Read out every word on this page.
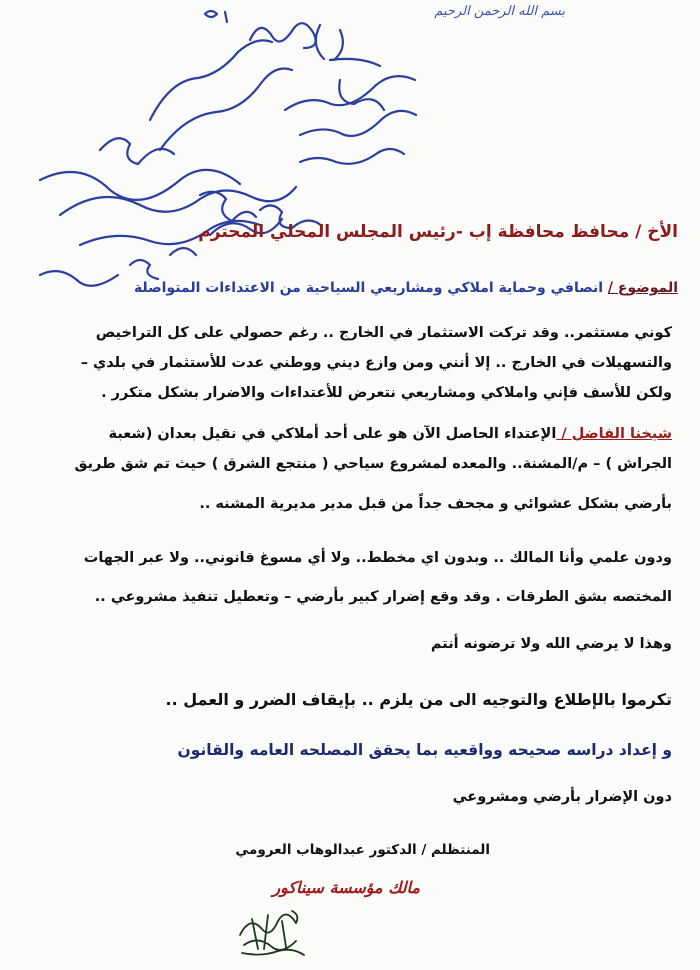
بسم الله الرحمن الرحيم
الأخ / محافظ محافظة إب -رئيس المجلس المحلي المحترم
الموضوع / انصافي وحماية املاكي ومشاريعي السياحية من الاعتداءات المتواصلة
كوني مستثمر.. وقد تركت الاستثمار في الخارج .. رغم حصولي على كل التراخيص
والتسهيلات في الخارج .. إلا أنني ومن وازع ديني ووطني عدت للأستثمار في بلدي –
ولكن للأسف فإني واملاكي ومشاريعي نتعرض للأعتداءات والاضرار بشكل متكرر .
شيخنا الفاضل / الإعتداء الحاصل الآن هو على أحد أملاكي في نقيل بعدان (شعبة
الجراش ) – م/المشنة.. والمعده لمشروع سياحي ( منتجع الشرق ) حيث تم شق طريق
بأرضي بشكل عشوائي و مجحف جداً من قبل مدير مديرية المشنه ..
ودون علمي وأنا المالك .. وبدون اي مخطط.. ولا أي مسوغ قانوني.. ولا عبر الجهات
المختصه بشق الطرقات . وقد وقع إضرار كبير بأرضي – وتعطيل تنفيذ مشروعي ..
وهذا لا يرضي الله ولا ترضونه أنتم
تكرموا بالإطلاع والتوجيه الى من يلزم .. بإيقاف الضرر و العمل ..
و إعداد دراسه صحيحه وواقعيه بما يحقق المصلحه العامه والقانون
دون الإضرار بأرضي ومشروعي
المنتظلم / الدكتور عبدالوهاب العرومي
مالك مؤسسة سيناكور
